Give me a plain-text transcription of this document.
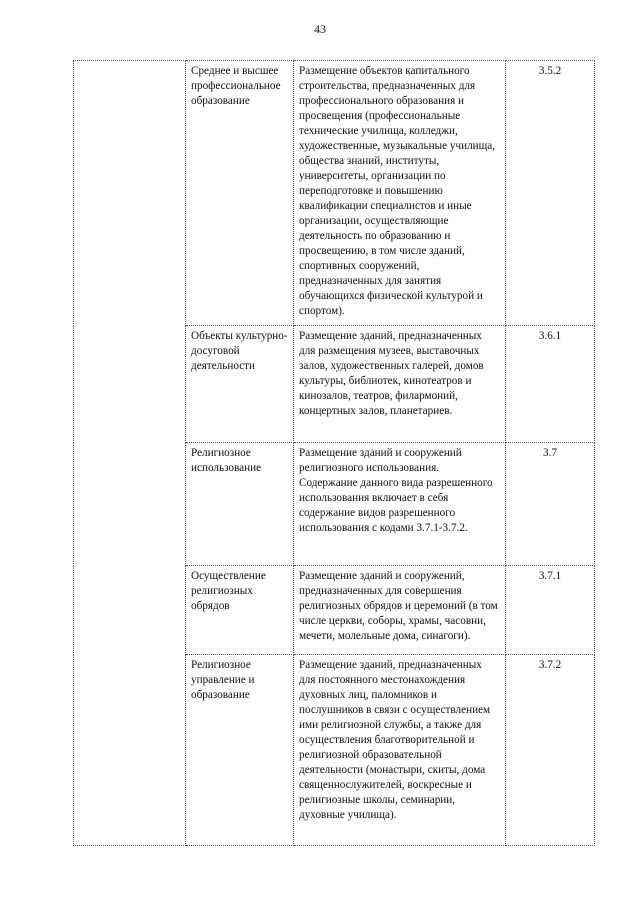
43
	Среднее и высшее профессиональное образование	Размещение объектов капитального строительства, предназначенных для профессионального образования и просвещения (профессиональные технические училища, колледжи, художественные, музыкальные училища, общества знаний, институты, университеты, организации по переподготовке и повышению квалификации специалистов и иные организации, осуществляющие деятельность по образованию и просвещению, в том числе зданий, спортивных сооружений, предназначенных для занятия обучающихся физической культурой и спортом).	3.5.2
	Объекты культурно-досуговой деятельности	Размещение зданий, предназначенных для размещения музеев, выставочных залов, художественных галерей, домов культуры, библиотек, кинотеатров и кинозалов, театров, филармоний, концертных залов, планетариев.	3.6.1
	Религиозное использование	Размещение зданий и сооружений религиозного использования. Содержание данного вида разрешенного использования включает в себя содержание видов разрешенного использования с кодами 3.7.1-3.7.2.	3.7
	Осуществление религиозных обрядов	Размещение зданий и сооружений, предназначенных для совершения религиозных обрядов и церемоний (в том числе церкви, соборы, храмы, часовни, мечети, молельные дома, синагоги).	3.7.1
	Религиозное управление и образование	Размещение зданий, предназначенных для постоянного местонахождения духовных лиц, паломников и послушников в связи с осуществлением ими религиозной службы, а также для осуществления благотворительной и религиозной образовательной деятельности (монастыри, скиты, дома священнослужителей, воскресные и религиозные школы, семинарии, духовные училища).	3.7.2
